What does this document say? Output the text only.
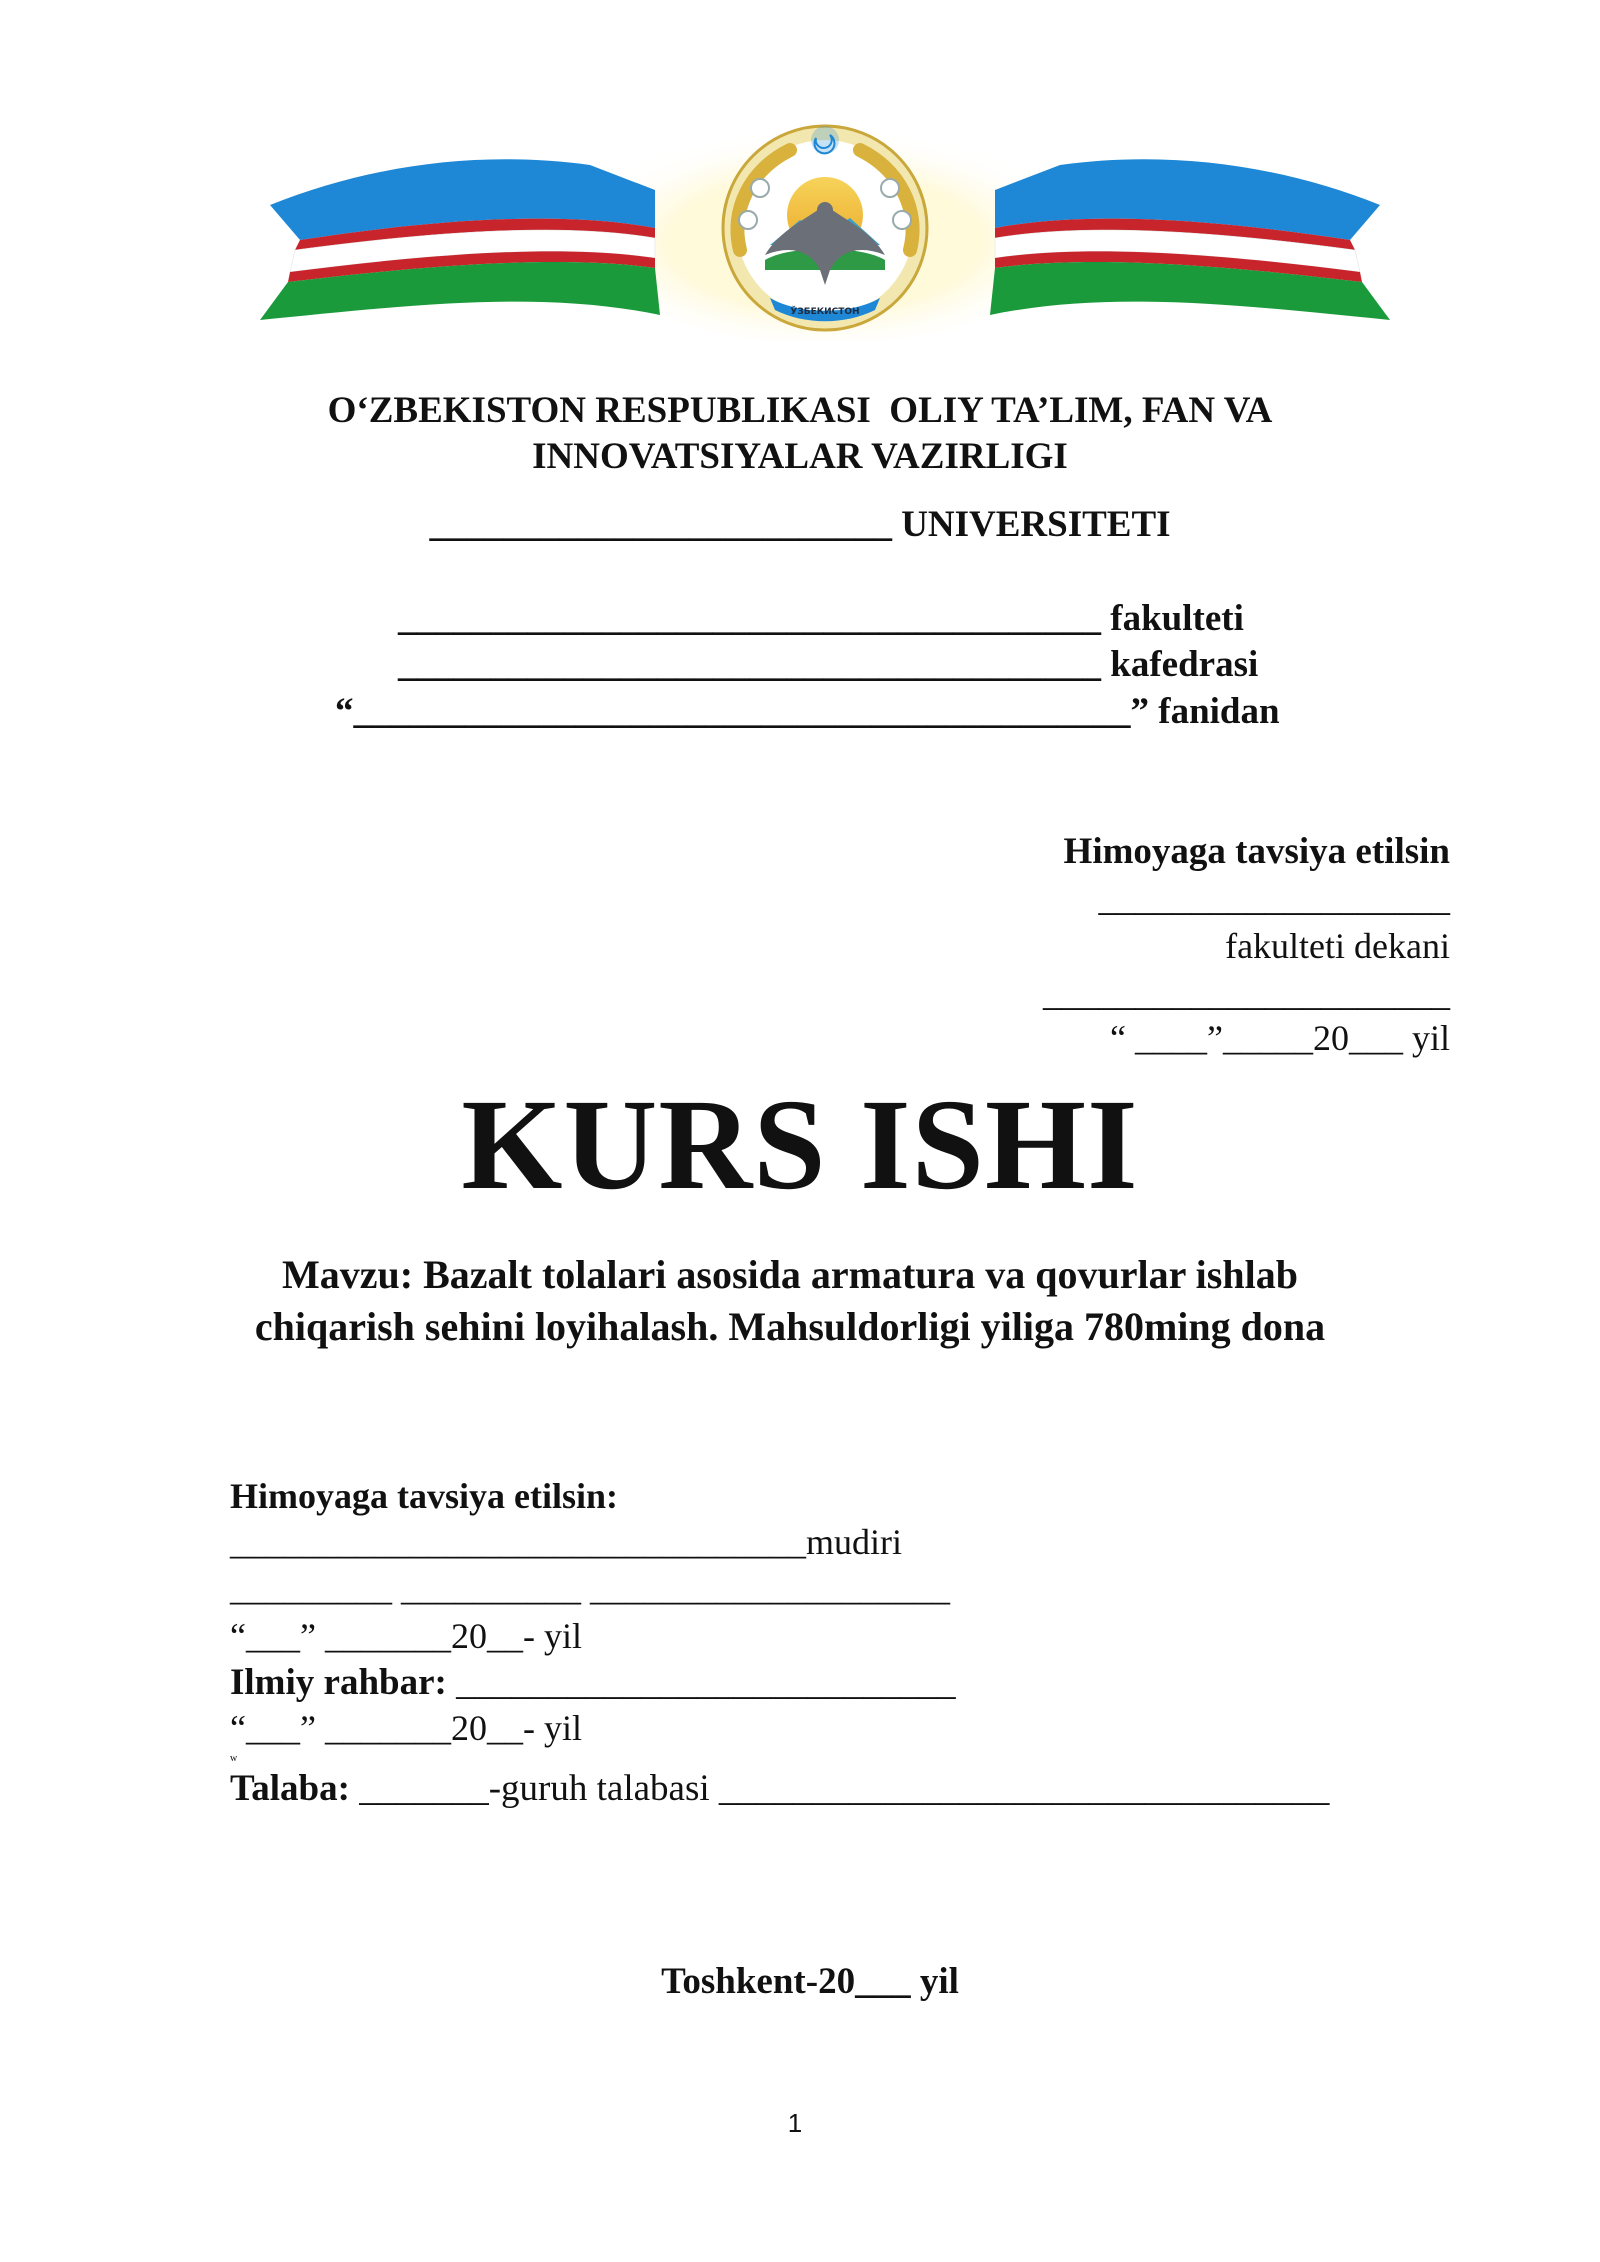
ЎЗБЕКИСТОН
O‘ZBEKISTON RESPUBLIKASI  OLIY TA’LIM, FAN VA
INNOVATSIYALAR VAZIRLIGI
_________________________ UNIVERSITETI
______________________________________ fakulteti
______________________________________ kafedrasi
“__________________________________________” fanidan
Himoyaga tavsiya etilsin
___________________
fakulteti dekani
______________________
“ ____”_____20___ yil
KURS ISHI
Mavzu: Bazalt tolalari asosida armatura va qovurlar ishlab
chiqarish sehini loyihalash. Mahsuldorligi yiliga 780ming dona
Himoyaga tavsiya etilsin:
________________________________mudiri
_________ __________ ____________________
“___” _______20__- yil
Ilmiy rahbar: ___________________________
“___” _______20__- yil
w
Talaba: _______-guruh talabasi _________________________________
Toshkent-20___ yil
1
